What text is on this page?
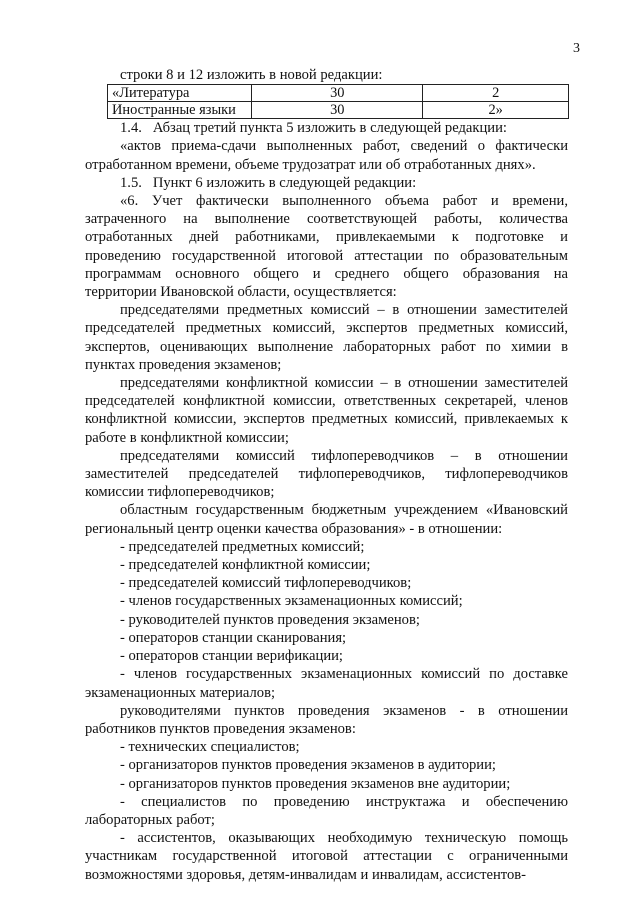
3

строки 8 и 12 изложить в новой редакции:

«Литература	30	2
Иностранные языки	30	2»

1.4.   Абзац третий пункта 5 изложить в следующей редакции:

«актов приема-сдачи выполненных работ, сведений о фактически отработанном времени, объеме трудозатрат или об отработанных днях».

1.5.   Пункт 6 изложить в следующей редакции:

«6. Учет фактически выполненного объема работ и времени, затраченного на выполнение соответствующей работы, количества отработанных дней работниками, привлекаемыми к подготовке и проведению государственной итоговой аттестации по образовательным программам основного общего и среднего общего образования на территории Ивановской области, осуществляется:

председателями предметных комиссий – в отношении заместителей председателей предметных комиссий, экспертов предметных комиссий, экспертов, оценивающих выполнение лабораторных работ по химии в пунктах проведения экзаменов;

председателями конфликтной комиссии – в отношении заместителей председателей конфликтной комиссии, ответственных секретарей, членов конфликтной комиссии, экспертов предметных комиссий, привлекаемых к работе в конфликтной комиссии;

председателями комиссий тифлопереводчиков – в отношении заместителей председателей тифлопереводчиков, тифлопереводчиков комиссии тифлопереводчиков;

областным государственным бюджетным учреждением «Ивановский региональный центр оценки качества образования» - в отношении:

- председателей предметных комиссий;

- председателей конфликтной комиссии;

- председателей комиссий тифлопереводчиков;

- членов государственных экзаменационных комиссий;

- руководителей пунктов проведения экзаменов;

- операторов станции сканирования;

- операторов станции верификации;

- членов государственных экзаменационных комиссий по доставке экзаменационных материалов;

руководителями пунктов проведения экзаменов - в отношении работников пунктов проведения экзаменов:

- технических специалистов;

- организаторов пунктов проведения экзаменов в аудитории;

- организаторов пунктов проведения экзаменов вне аудитории;

- специалистов по проведению инструктажа и обеспечению лабораторных работ;

- ассистентов, оказывающих необходимую техническую помощь участникам государственной итоговой аттестации с ограниченными возможностями здоровья, детям-инвалидам и инвалидам, ассистентов-
